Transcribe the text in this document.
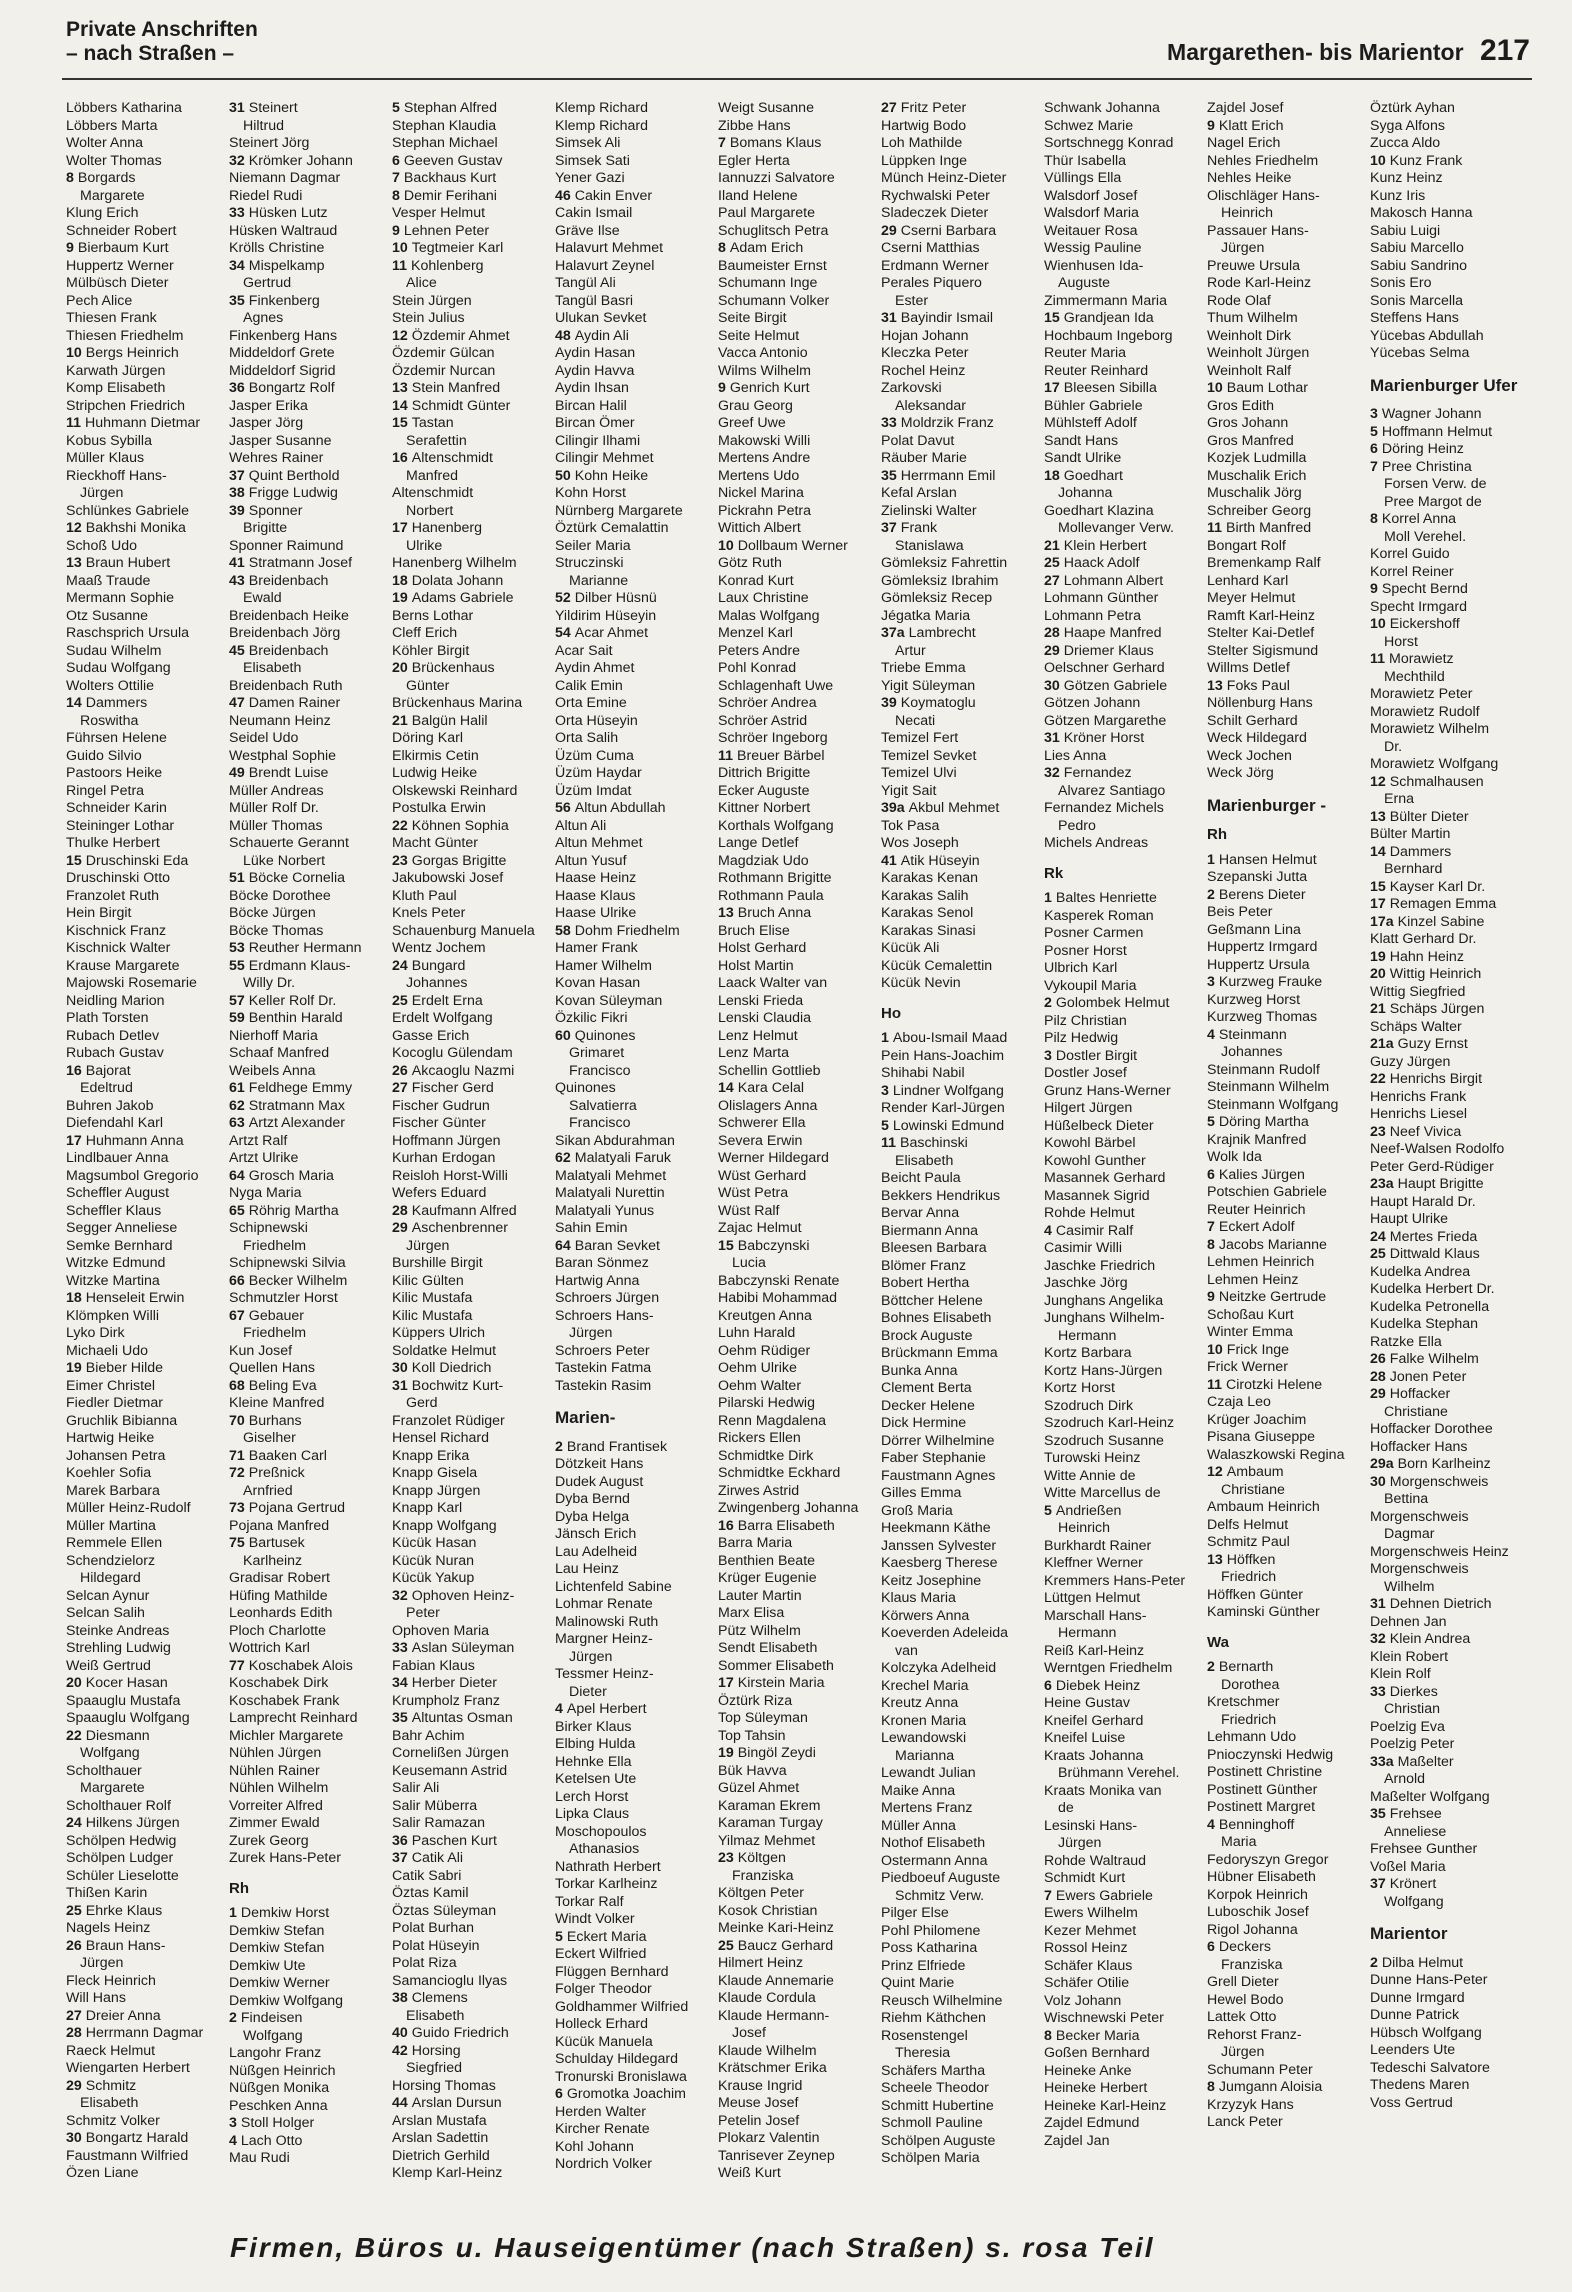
Private Anschriften
– nach Straßen –	Margarethen- bis Marientor 217
Löbbers Katharina
Löbbers Marta
Wolter Anna
Wolter Thomas
8 Borgards
Margarete
Klung Erich
Schneider Robert
9 Bierbaum Kurt
Huppertz Werner
Mülbüsch Dieter
Pech Alice
Thiesen Frank
Thiesen Friedhelm
10 Bergs Heinrich
Karwath Jürgen
Komp Elisabeth
Stripchen Friedrich
11 Huhmann Dietmar
Kobus Sybilla
Müller Klaus
Rieckhoff Hans-
Jürgen
Schlünkes Gabriele
12 Bakhshi Monika
Schoß Udo
13 Braun Hubert
Maaß Traude
Mermann Sophie
Otz Susanne
Raschsprich Ursula
Sudau Wilhelm
Sudau Wolfgang
Wolters Ottilie
14 Dammers
Roswitha
Führsen Helene
Guido Silvio
Pastoors Heike
Ringel Petra
Schneider Karin
Steininger Lothar
Thulke Herbert
15 Druschinski Eda
Druschinski Otto
Franzolet Ruth
Hein Birgit
Kischnick Franz
Kischnick Walter
Krause Margarete
Majowski Rosemarie
Neidling Marion
Plath Torsten
Rubach Detlev
Rubach Gustav
16 Bajorat
Edeltrud
Buhren Jakob
Diefendahl Karl
17 Huhmann Anna
Lindlbauer Anna
Magsumbol Gregorio
Scheffler August
Scheffler Klaus
Segger Anneliese
Semke Bernhard
Witzke Edmund
Witzke Martina
18 Henseleit Erwin
Klömpken Willi
Lyko Dirk
Michaeli Udo
19 Bieber Hilde
Eimer Christel
Fiedler Dietmar
Gruchlik Bibianna
Hartwig Heike
Johansen Petra
Koehler Sofia
Marek Barbara
Müller Heinz-Rudolf
Müller Martina
Remmele Ellen
Schendzielorz
Hildegard
Selcan Aynur
Selcan Salih
Steinke Andreas
Strehling Ludwig
Weiß Gertrud
20 Kocer Hasan
Spaauglu Mustafa
Spaauglu Wolfgang
22 Diesmann
Wolfgang
Scholthauer
Margarete
Scholthauer Rolf
24 Hilkens Jürgen
Schölpen Hedwig
Schölpen Ludger
Schüler Lieselotte
Thißen Karin
25 Ehrke Klaus
Nagels Heinz
26 Braun Hans-
Jürgen
Fleck Heinrich
Will Hans
27 Dreier Anna
28 Herrmann Dagmar
Raeck Helmut
Wiengarten Herbert
29 Schmitz
Elisabeth
Schmitz Volker
30 Bongartz Harald
Faustmann Wilfried
Özen Liane
31 Steinert
Hiltrud
Steinert Jörg
32 Krömker Johann
Niemann Dagmar
Riedel Rudi
33 Hüsken Lutz
Hüsken Waltraud
Krölls Christine
34 Mispelkamp
Gertrud
35 Finkenberg
Agnes
Finkenberg Hans
Middeldorf Grete
Middeldorf Sigrid
36 Bongartz Rolf
Jasper Erika
Jasper Jörg
Jasper Susanne
Wehres Rainer
37 Quint Berthold
38 Frigge Ludwig
39 Sponner
Brigitte
Sponner Raimund
41 Stratmann Josef
43 Breidenbach
Ewald
Breidenbach Heike
Breidenbach Jörg
45 Breidenbach
Elisabeth
Breidenbach Ruth
47 Damen Rainer
Neumann Heinz
Seidel Udo
Westphal Sophie
49 Brendt Luise
Müller Andreas
Müller Rolf Dr.
Müller Thomas
Schauerte Gerannt
Lüke Norbert
51 Böcke Cornelia
Böcke Dorothee
Böcke Jürgen
Böcke Thomas
53 Reuther Hermann
55 Erdmann Klaus-
Willy Dr.
57 Keller Rolf Dr.
59 Benthin Harald
Nierhoff Maria
Schaaf Manfred
Weibels Anna
61 Feldhege Emmy
62 Stratmann Max
63 Artzt Alexander
Artzt Ralf
Artzt Ulrike
64 Grosch Maria
Nyga Maria
65 Röhrig Martha
Schipnewski
Friedhelm
Schipnewski Silvia
66 Becker Wilhelm
Schmutzler Horst
67 Gebauer
Friedhelm
Kun Josef
Quellen Hans
68 Beling Eva
Kleine Manfred
70 Burhans
Giselher
71 Baaken Carl
72 Preßnick
Arnfried
73 Pojana Gertrud
Pojana Manfred
75 Bartusek
Karlheinz
Gradisar Robert
Hüfing Mathilde
Leonhards Edith
Ploch Charlotte
Wottrich Karl
77 Koschabek Alois
Koschabek Dirk
Koschabek Frank
Lamprecht Reinhard
Michler Margarete
Nühlen Jürgen
Nühlen Rainer
Nühlen Wilhelm
Vorreiter Alfred
Zimmer Ewald
Zurek Georg
Zurek Hans-Peter
Rh
1 Demkiw Horst
Demkiw Stefan
Demkiw Stefan
Demkiw Ute
Demkiw Werner
Demkiw Wolfgang
2 Findeisen
Wolfgang
Langohr Franz
Nüßgen Heinrich
Nüßgen Monika
Peschken Anna
3 Stoll Holger
4 Lach Otto
Mau Rudi
5 Stephan Alfred
Stephan Klaudia
Stephan Michael
6 Geeven Gustav
7 Backhaus Kurt
8 Demir Ferihani
Vesper Helmut
9 Lehnen Peter
10 Tegtmeier Karl
11 Kohlenberg
Alice
Stein Jürgen
Stein Julius
12 Özdemir Ahmet
Özdemir Gülcan
Özdemir Nurcan
13 Stein Manfred
14 Schmidt Günter
15 Tastan
Serafettin
16 Altenschmidt
Manfred
Altenschmidt
Norbert
17 Hanenberg
Ulrike
Hanenberg Wilhelm
18 Dolata Johann
19 Adams Gabriele
Berns Lothar
Cleff Erich
Köhler Birgit
20 Brückenhaus
Günter
Brückenhaus Marina
21 Balgün Halil
Döring Karl
Elkirmis Cetin
Ludwig Heike
Olskewski Reinhard
Postulka Erwin
22 Köhnen Sophia
Macht Günter
23 Gorgas Brigitte
Jakubowski Josef
Kluth Paul
Knels Peter
Schauenburg Manuela
Wentz Jochem
24 Bungard
Johannes
25 Erdelt Erna
Erdelt Wolfgang
Gasse Erich
Kocoglu Gülendam
26 Akcaoglu Nazmi
27 Fischer Gerd
Fischer Gudrun
Fischer Günter
Hoffmann Jürgen
Kurhan Erdogan
Reisloh Horst-Willi
Wefers Eduard
28 Kaufmann Alfred
29 Aschenbrenner
Jürgen
Burshille Birgit
Kilic Gülten
Kilic Mustafa
Kilic Mustafa
Küppers Ulrich
Soldatke Helmut
30 Koll Diedrich
31 Bochwitz Kurt-
Gerd
Franzolet Rüdiger
Hensel Richard
Knapp Erika
Knapp Gisela
Knapp Jürgen
Knapp Karl
Knapp Wolfgang
Kücük Hasan
Kücük Nuran
Kücük Yakup
32 Ophoven Heinz-
Peter
Ophoven Maria
33 Aslan Süleyman
Fabian Klaus
34 Herber Dieter
Krumpholz Franz
35 Altuntas Osman
Bahr Achim
Cornelißen Jürgen
Keusemann Astrid
Salir Ali
Salir Müberra
Salir Ramazan
36 Paschen Kurt
37 Catik Ali
Catik Sabri
Öztas Kamil
Öztas Süleyman
Polat Burhan
Polat Hüseyin
Polat Riza
Samancioglu Ilyas
38 Clemens
Elisabeth
40 Guido Friedrich
42 Horsing
Siegfried
Horsing Thomas
44 Arslan Dursun
Arslan Mustafa
Arslan Sadettin
Dietrich Gerhild
Klemp Karl-Heinz
Klemp Richard
Klemp Richard
Simsek Ali
Simsek Sati
Yener Gazi
46 Cakin Enver
Cakin Ismail
Gräve Ilse
Halavurt Mehmet
Halavurt Zeynel
Tangül Ali
Tangül Basri
Ulukan Sevket
48 Aydin Ali
Aydin Hasan
Aydin Havva
Aydin Ihsan
Bircan Halil
Bircan Ömer
Cilingir Ilhami
Cilingir Mehmet
50 Kohn Heike
Kohn Horst
Nürnberg Margarete
Öztürk Cemalattin
Seiler Maria
Struczinski
Marianne
52 Dilber Hüsnü
Yildirim Hüseyin
54 Acar Ahmet
Acar Sait
Aydin Ahmet
Calik Emin
Orta Emine
Orta Hüseyin
Orta Salih
Üzüm Cuma
Üzüm Haydar
Üzüm Imdat
56 Altun Abdullah
Altun Ali
Altun Mehmet
Altun Yusuf
Haase Heinz
Haase Klaus
Haase Ulrike
58 Dohm Friedhelm
Hamer Frank
Hamer Wilhelm
Kovan Hasan
Kovan Süleyman
Özkilic Fikri
60 Quinones
Grimaret
Francisco
Quinones
Salvatierra
Francisco
Sikan Abdurahman
62 Malatyali Faruk
Malatyali Mehmet
Malatyali Nurettin
Malatyali Yunus
Sahin Emin
64 Baran Sevket
Baran Sönmez
Hartwig Anna
Schroers Jürgen
Schroers Hans-
Jürgen
Schroers Peter
Tastekin Fatma
Tastekin Rasim
Marien-
2 Brand Frantisek
Dötzkeit Hans
Dudek August
Dyba Bernd
Dyba Helga
Jänsch Erich
Lau Adelheid
Lau Heinz
Lichtenfeld Sabine
Lohmar Renate
Malinowski Ruth
Margner Heinz-
Jürgen
Tessmer Heinz-
Dieter
4 Apel Herbert
Birker Klaus
Elbing Hulda
Hehnke Ella
Ketelsen Ute
Lerch Horst
Lipka Claus
Moschopoulos
Athanasios
Nathrath Herbert
Torkar Karlheinz
Torkar Ralf
Windt Volker
5 Eckert Maria
Eckert Wilfried
Flüggen Bernhard
Folger Theodor
Goldhammer Wilfried
Holleck Erhard
Kücük Manuela
Schulday Hildegard
Tronurski Bronislawa
6 Gromotka Joachim
Herden Walter
Kircher Renate
Kohl Johann
Nordrich Volker
Weigt Susanne
Zibbe Hans
7 Bomans Klaus
Egler Herta
Iannuzzi Salvatore
Iland Helene
Paul Margarete
Schuglitsch Petra
8 Adam Erich
Baumeister Ernst
Schumann Inge
Schumann Volker
Seite Birgit
Seite Helmut
Vacca Antonio
Wilms Wilhelm
9 Genrich Kurt
Grau Georg
Greef Uwe
Makowski Willi
Mertens Andre
Mertens Udo
Nickel Marina
Pickrahn Petra
Wittich Albert
10 Dollbaum Werner
Götz Ruth
Konrad Kurt
Laux Christine
Malas Wolfgang
Menzel Karl
Peters Andre
Pohl Konrad
Schlagenhaft Uwe
Schröer Andrea
Schröer Astrid
Schröer Ingeborg
11 Breuer Bärbel
Dittrich Brigitte
Ecker Auguste
Kittner Norbert
Korthals Wolfgang
Lange Detlef
Magdziak Udo
Rothmann Brigitte
Rothmann Paula
13 Bruch Anna
Bruch Elise
Holst Gerhard
Holst Martin
Laack Walter van
Lenski Frieda
Lenski Claudia
Lenz Helmut
Lenz Marta
Schellin Gottlieb
14 Kara Celal
Olislagers Anna
Schwerer Ella
Severa Erwin
Werner Hildegard
Wüst Gerhard
Wüst Petra
Wüst Ralf
Zajac Helmut
15 Babczynski
Lucia
Babczynski Renate
Habibi Mohammad
Kreutgen Anna
Luhn Harald
Oehm Rüdiger
Oehm Ulrike
Oehm Walter
Pilarski Hedwig
Renn Magdalena
Rickers Ellen
Schmidtke Dirk
Schmidtke Eckhard
Zirwes Astrid
Zwingenberg Johanna
16 Barra Elisabeth
Barra Maria
Benthien Beate
Krüger Eugenie
Lauter Martin
Marx Elisa
Pütz Wilhelm
Sendt Elisabeth
Sommer Elisabeth
17 Kirstein Maria
Öztürk Riza
Top Süleyman
Top Tahsin
19 Bingöl Zeydi
Bük Havva
Güzel Ahmet
Karaman Ekrem
Karaman Turgay
Yilmaz Mehmet
23 Költgen
Franziska
Költgen Peter
Kosok Christian
Meinke Kari-Heinz
25 Baucz Gerhard
Hilmert Heinz
Klaude Annemarie
Klaude Cordula
Klaude Hermann-
Josef
Klaude Wilhelm
Krätschmer Erika
Krause Ingrid
Meuse Josef
Petelin Josef
Plokarz Valentin
Tanrisever Zeynep
Weiß Kurt
27 Fritz Peter
Hartwig Bodo
Loh Mathilde
Lüppken Inge
Münch Heinz-Dieter
Rychwalski Peter
Sladeczek Dieter
29 Cserni Barbara
Cserni Matthias
Erdmann Werner
Perales Piquero
Ester
31 Bayindir Ismail
Hojan Johann
Kleczka Peter
Rochel Heinz
Zarkovski
Aleksandar
33 Moldrzik Franz
Polat Davut
Räuber Marie
35 Herrmann Emil
Kefal Arslan
Zielinski Walter
37 Frank
Stanislawa
Gömleksiz Fahrettin
Gömleksiz Ibrahim
Gömleksiz Recep
Jégatka Maria
37a Lambrecht
Artur
Triebe Emma
Yigit Süleyman
39 Koymatoglu
Necati
Temizel Fert
Temizel Sevket
Temizel Ulvi
Yigit Sait
39a Akbul Mehmet
Tok Pasa
Wos Joseph
41 Atik Hüseyin
Karakas Kenan
Karakas Salih
Karakas Senol
Karakas Sinasi
Kücük Ali
Kücük Cemalettin
Kücük Nevin
Ho
1 Abou-Ismail Maad
Pein Hans-Joachim
Shihabi Nabil
3 Lindner Wolfgang
Render Karl-Jürgen
5 Lowinski Edmund
11 Baschinski
Elisabeth
Beicht Paula
Bekkers Hendrikus
Bervar Anna
Biermann Anna
Bleesen Barbara
Blömer Franz
Bobert Hertha
Böttcher Helene
Bohnes Elisabeth
Brock Auguste
Brückmann Emma
Bunka Anna
Clement Berta
Decker Helene
Dick Hermine
Dörrer Wilhelmine
Faber Stephanie
Faustmann Agnes
Gilles Emma
Groß Maria
Heekmann Käthe
Janssen Sylvester
Kaesberg Therese
Keitz Josephine
Klaus Maria
Körwers Anna
Koeverden Adeleida
van
Kolczyka Adelheid
Krechel Maria
Kreutz Anna
Kronen Maria
Lewandowski
Marianna
Lewandt Julian
Maike Anna
Mertens Franz
Müller Anna
Nothof Elisabeth
Ostermann Anna
Piedboeuf Auguste
Schmitz Verw.
Pilger Else
Pohl Philomene
Poss Katharina
Prinz Elfriede
Quint Marie
Reusch Wilhelmine
Riehm Käthchen
Rosenstengel
Theresia
Schäfers Martha
Scheele Theodor
Schmitt Hubertine
Schmoll Pauline
Schölpen Auguste
Schölpen Maria
Schwank Johanna
Schwez Marie
Sortschnegg Konrad
Thür Isabella
Vüllings Ella
Walsdorf Josef
Walsdorf Maria
Weitauer Rosa
Wessig Pauline
Wienhusen Ida-
Auguste
Zimmermann Maria
15 Grandjean Ida
Hochbaum Ingeborg
Reuter Maria
Reuter Reinhard
17 Bleesen Sibilla
Bühler Gabriele
Mühlsteff Adolf
Sandt Hans
Sandt Ulrike
18 Goedhart
Johanna
Goedhart Klazina
Mollevanger Verw.
21 Klein Herbert
25 Haack Adolf
27 Lohmann Albert
Lohmann Günther
Lohmann Petra
28 Haape Manfred
29 Driemer Klaus
Oelschner Gerhard
30 Götzen Gabriele
Götzen Johann
Götzen Margarethe
31 Kröner Horst
Lies Anna
32 Fernandez
Alvarez Santiago
Fernandez Michels
Pedro
Michels Andreas
Rk
1 Baltes Henriette
Kasperek Roman
Posner Carmen
Posner Horst
Ulbrich Karl
Vykoupil Maria
2 Golombek Helmut
Pilz Christian
Pilz Hedwig
3 Dostler Birgit
Dostler Josef
Grunz Hans-Werner
Hilgert Jürgen
Hüßelbeck Dieter
Kowohl Bärbel
Kowohl Gunther
Masannek Gerhard
Masannek Sigrid
Rohde Helmut
4 Casimir Ralf
Casimir Willi
Jaschke Friedrich
Jaschke Jörg
Junghans Angelika
Junghans Wilhelm-
Hermann
Kortz Barbara
Kortz Hans-Jürgen
Kortz Horst
Szodruch Dirk
Szodruch Karl-Heinz
Szodruch Susanne
Turowski Heinz
Witte Annie de
Witte Marcellus de
5 Andrießen
Heinrich
Burkhardt Rainer
Kleffner Werner
Kremmers Hans-Peter
Lüttgen Helmut
Marschall Hans-
Hermann
Reiß Karl-Heinz
Werntgen Friedhelm
6 Diebek Heinz
Heine Gustav
Kneifel Gerhard
Kneifel Luise
Kraats Johanna
Brühmann Verehel.
Kraats Monika van
de
Lesinski Hans-
Jürgen
Rohde Waltraud
Schmidt Kurt
7 Ewers Gabriele
Ewers Wilhelm
Kezer Mehmet
Rossol Heinz
Schäfer Klaus
Schäfer Otilie
Volz Johann
Wischnewski Peter
8 Becker Maria
Goßen Bernhard
Heineke Anke
Heineke Herbert
Heineke Karl-Heinz
Zajdel Edmund
Zajdel Jan
Zajdel Josef
9 Klatt Erich
Nagel Erich
Nehles Friedhelm
Nehles Heike
Olischläger Hans-
Heinrich
Passauer Hans-
Jürgen
Preuwe Ursula
Rode Karl-Heinz
Rode Olaf
Thum Wilhelm
Weinholt Dirk
Weinholt Jürgen
Weinholt Ralf
10 Baum Lothar
Gros Edith
Gros Johann
Gros Manfred
Kozjek Ludmilla
Muschalik Erich
Muschalik Jörg
Schreiber Georg
11 Birth Manfred
Bongart Rolf
Bremenkamp Ralf
Lenhard Karl
Meyer Helmut
Ramft Karl-Heinz
Stelter Kai-Detlef
Stelter Sigismund
Willms Detlef
13 Foks Paul
Nöllenburg Hans
Schilt Gerhard
Weck Hildegard
Weck Jochen
Weck Jörg
Marienburger -
Rh
1 Hansen Helmut
Szepanski Jutta
2 Berens Dieter
Beis Peter
Geßmann Lina
Huppertz Irmgard
Huppertz Ursula
3 Kurzweg Frauke
Kurzweg Horst
Kurzweg Thomas
4 Steinmann
Johannes
Steinmann Rudolf
Steinmann Wilhelm
Steinmann Wolfgang
5 Döring Martha
Krajnik Manfred
Wolk Ida
6 Kalies Jürgen
Potschien Gabriele
Reuter Heinrich
7 Eckert Adolf
8 Jacobs Marianne
Lehmen Heinrich
Lehmen Heinz
9 Neitzke Gertrude
Schoßau Kurt
Winter Emma
10 Frick Inge
Frick Werner
11 Cirotzki Helene
Czaja Leo
Krüger Joachim
Pisana Giuseppe
Walaszkowski Regina
12 Ambaum
Christiane
Ambaum Heinrich
Delfs Helmut
Schmitz Paul
13 Höffken
Friedrich
Höffken Günter
Kaminski Günther
Wa
2 Bernarth
Dorothea
Kretschmer
Friedrich
Lehmann Udo
Pnioczynski Hedwig
Postinett Christine
Postinett Günther
Postinett Margret
4 Benninghoff
Maria
Fedoryszyn Gregor
Hübner Elisabeth
Korpok Heinrich
Luboschik Josef
Rigol Johanna
6 Deckers
Franziska
Grell Dieter
Hewel Bodo
Lattek Otto
Rehorst Franz-
Jürgen
Schumann Peter
8 Jumgann Aloisia
Krzyzyk Hans
Lanck Peter
Öztürk Ayhan
Syga Alfons
Zucca Aldo
10 Kunz Frank
Kunz Heinz
Kunz Iris
Makosch Hanna
Sabiu Luigi
Sabiu Marcello
Sabiu Sandrino
Sonis Ero
Sonis Marcella
Steffens Hans
Yücebas Abdullah
Yücebas Selma
Marienburger Ufer
3 Wagner Johann
5 Hoffmann Helmut
6 Döring Heinz
7 Pree Christina
Forsen Verw. de
Pree Margot de
8 Korrel Anna
Moll Verehel.
Korrel Guido
Korrel Reiner
9 Specht Bernd
Specht Irmgard
10 Eickershoff
Horst
11 Morawietz
Mechthild
Morawietz Peter
Morawietz Rudolf
Morawietz Wilhelm
Dr.
Morawietz Wolfgang
12 Schmalhausen
Erna
13 Bülter Dieter
Bülter Martin
14 Dammers
Bernhard
15 Kayser Karl Dr.
17 Remagen Emma
17a Kinzel Sabine
Klatt Gerhard Dr.
19 Hahn Heinz
20 Wittig Heinrich
Wittig Siegfried
21 Schäps Jürgen
Schäps Walter
21a Guzy Ernst
Guzy Jürgen
22 Henrichs Birgit
Henrichs Frank
Henrichs Liesel
23 Neef Vivica
Neef-Walsen Rodolfo
Peter Gerd-Rüdiger
23a Haupt Brigitte
Haupt Harald Dr.
Haupt Ulrike
24 Mertes Frieda
25 Dittwald Klaus
Kudelka Andrea
Kudelka Herbert Dr.
Kudelka Petronella
Kudelka Stephan
Ratzke Ella
26 Falke Wilhelm
28 Jonen Peter
29 Hoffacker
Christiane
Hoffacker Dorothee
Hoffacker Hans
29a Born Karlheinz
30 Morgenschweis
Bettina
Morgenschweis
Dagmar
Morgenschweis Heinz
Morgenschweis
Wilhelm
31 Dehnen Dietrich
Dehnen Jan
32 Klein Andrea
Klein Robert
Klein Rolf
33 Dierkes
Christian
Poelzig Eva
Poelzig Peter
33a Maßelter
Arnold
Maßelter Wolfgang
35 Frehsee
Anneliese
Frehsee Gunther
Voßel Maria
37 Krönert
Wolfgang
Marientor
2 Dilba Helmut
Dunne Hans-Peter
Dunne Irmgard
Dunne Patrick
Hübsch Wolfgang
Leenders Ute
Tedeschi Salvatore
Thedens Maren
Voss Gertrud
Firmen, Büros u. Hauseigentümer (nach Straßen) s. rosa Teil
